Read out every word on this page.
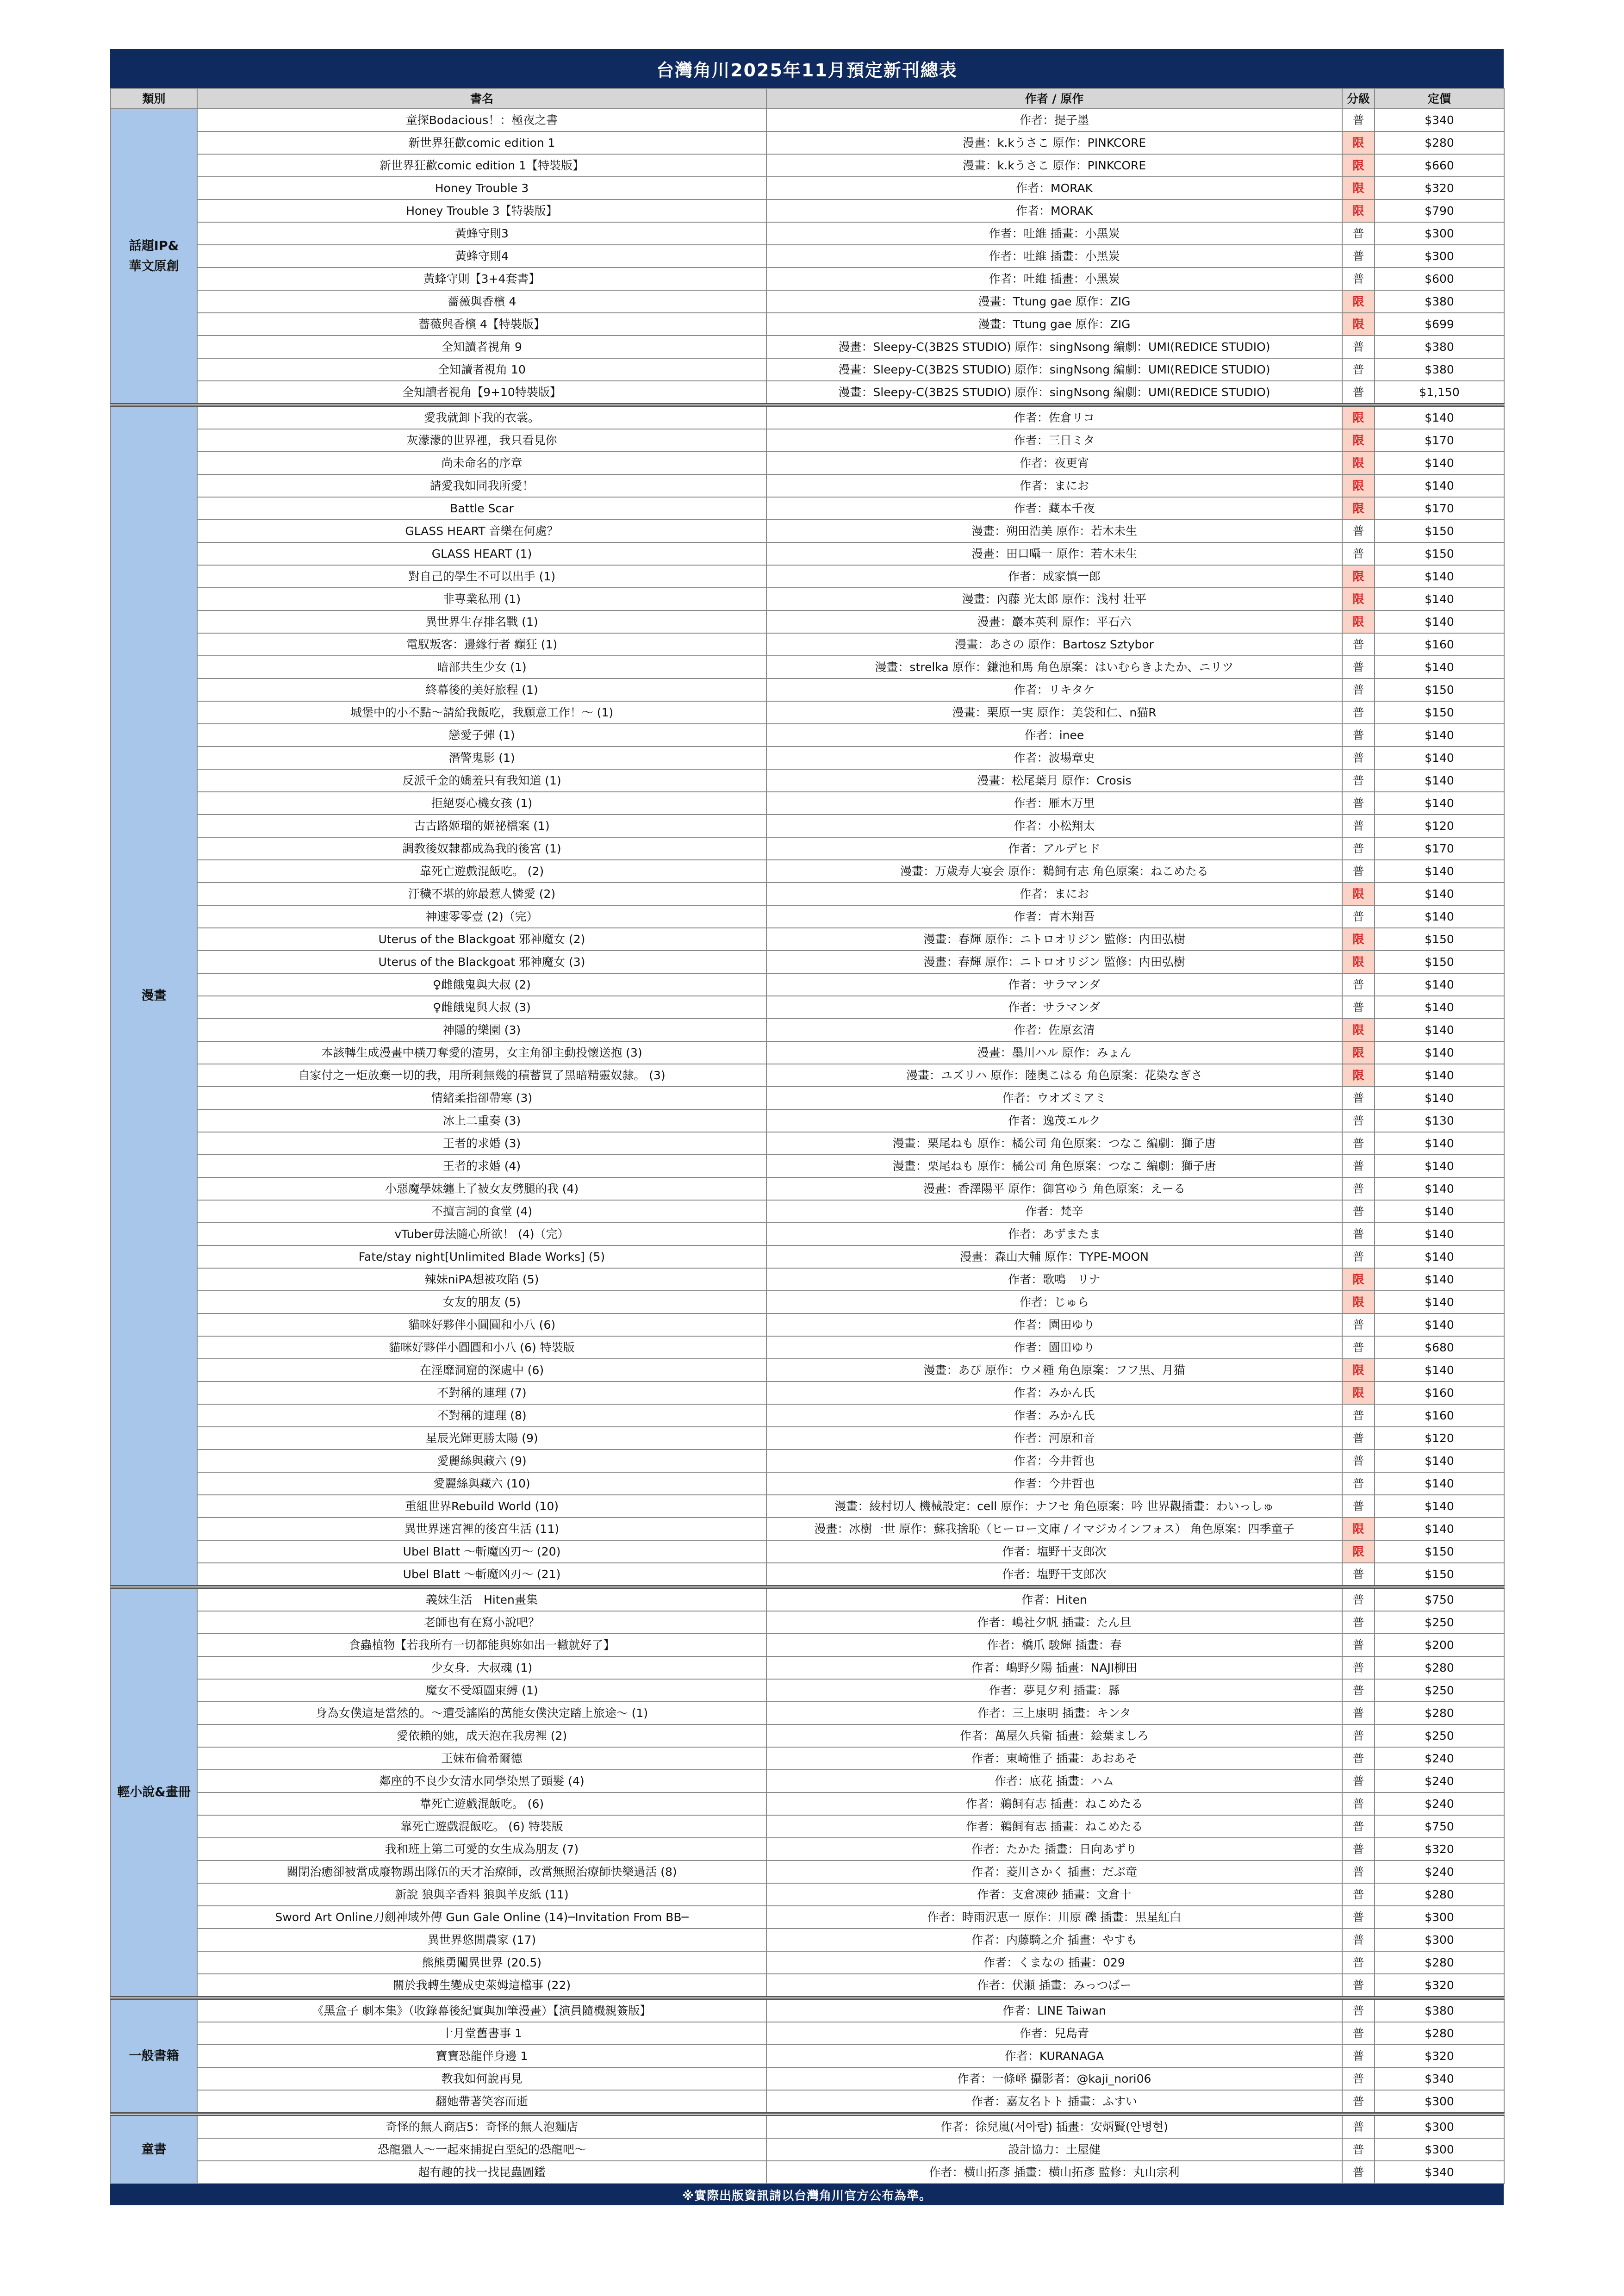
台灣角川2025年11月預定新刊總表
類別	書名	作者 / 原作	分級	定價
話題IP&
華文原創	童探Bodacious！：極夜之書	作者：提子墨	普	$340
	新世界狂歡comic edition 1	漫畫：k.kうさこ 原作：PINKCORE	限	$280
	新世界狂歡comic edition 1【特裝版】	漫畫：k.kうさこ 原作：PINKCORE	限	$660
	Honey Trouble 3	作者：MORAK	限	$320
	Honey Trouble 3【特裝版】	作者：MORAK	限	$790
	黃蜂守則3	作者：吐維 插畫：小黑炭	普	$300
	黃蜂守則4	作者：吐維 插畫：小黑炭	普	$300
	黃蜂守則【3+4套書】	作者：吐維 插畫：小黑炭	普	$600
	薔薇與香檳 4	漫畫：Ttung gae 原作：ZIG	限	$380
	薔薇與香檳 4【特裝版】	漫畫：Ttung gae 原作：ZIG	限	$699
	全知讀者視角 9	漫畫：Sleepy-C(3B2S STUDIO) 原作：singNsong 編劇：UMI(REDICE STUDIO)	普	$380
	全知讀者視角 10	漫畫：Sleepy-C(3B2S STUDIO) 原作：singNsong 編劇：UMI(REDICE STUDIO)	普	$380
	全知讀者視角【9+10特裝版】	漫畫：Sleepy-C(3B2S STUDIO) 原作：singNsong 編劇：UMI(REDICE STUDIO)	普	$1,150
漫畫	愛我就卸下我的衣裳。	作者：佐倉リコ	限	$140
	灰濛濛的世界裡，我只看見你	作者：三日ミタ	限	$170
	尚未命名的序章	作者：夜更宵	限	$140
	請愛我如同我所愛！	作者：まにお	限	$140
	Battle Scar	作者：藏本千夜	限	$170
	GLASS HEART 音樂在何處？	漫畫：朔田浩美 原作：若木未生	普	$150
	GLASS HEART (1)	漫畫：田口囁一 原作：若木未生	普	$150
	對自己的學生不可以出手 (1)	作者：成家慎一郎	限	$140
	非專業私刑 (1)	漫畫：內藤 光太郎 原作：浅村 壮平	限	$140
	異世界生存排名戰 (1)	漫畫：巖本英利 原作：平石六	限	$140
	電馭叛客：邊緣行者 癲狂 (1)	漫畫：あさの 原作：Bartosz Sztybor	普	$160
	暗部共生少女 (1)	漫畫：strelka 原作：鎌池和馬 角色原案：はいむらきよたか、ニリツ	普	$140
	終幕後的美好旅程 (1)	作者：リキタケ	普	$150
	城堡中的小不點～請給我飯吃，我願意工作！～ (1)	漫畫：栗原一実 原作：美袋和仁、n猫R	普	$150
	戀愛子彈 (1)	作者：inee	普	$140
	潛警鬼影 (1)	作者：波場章史	普	$140
	反派千金的嬌羞只有我知道 (1)	漫畫：松尾葉月 原作：Crosis	普	$140
	拒絕耍心機女孩 (1)	作者：雁木万里	普	$140
	古古路姬瑠的姬祕檔案 (1)	作者：小松翔太	普	$120
	調教後奴隸都成為我的後宮 (1)	作者：アルデヒド	普	$170
	靠死亡遊戲混飯吃。 (2)	漫畫：万歳寿大宴会 原作：鵜飼有志 角色原案：ねこめたる	普	$140
	汙穢不堪的妳最惹人憐愛 (2)	作者：まにお	限	$140
	神速零零壹 (2)（完）	作者：青木翔吾	普	$140
	Uterus of the Blackgoat 邪神魔女 (2)	漫畫：春輝 原作：ニトロオリジン 監修：内田弘樹	限	$150
	Uterus of the Blackgoat 邪神魔女 (3)	漫畫：春輝 原作：ニトロオリジン 監修：内田弘樹	限	$150
	♀雌餓鬼與大叔 (2)	作者：サラマンダ	普	$140
	♀雌餓鬼與大叔 (3)	作者：サラマンダ	普	$140
	神隱的樂園 (3)	作者：佐原玄清	限	$140
	本該轉生成漫畫中橫刀奪愛的渣男，女主角卻主動投懷送抱 (3)	漫畫：墨川ハル 原作：みょん	限	$140
	自家付之一炬放棄一切的我，用所剩無幾的積蓄買了黑暗精靈奴隸。 (3)	漫畫：ユズリハ 原作：陸奥こはる 角色原案：花染なぎさ	限	$140
	情緒柔指卻帶寒 (3)	作者：ウオズミアミ	普	$140
	冰上二重奏 (3)	作者：逸茂エルク	普	$130
	王者的求婚 (3)	漫畫：栗尾ねも 原作：橘公司 角色原案：つなこ 編劇：獅子唐	普	$140
	王者的求婚 (4)	漫畫：栗尾ねも 原作：橘公司 角色原案：つなこ 編劇：獅子唐	普	$140
	小惡魔學妹纏上了被女友劈腿的我 (4)	漫畫：香澤陽平 原作：御宮ゆう 角色原案：えーる	普	$140
	不擅言詞的食堂 (4)	作者：梵辛	普	$140
	vTuber毋法隨心所欲！ (4)（完）	作者：あずまたま	普	$140
	Fate/stay night[Unlimited Blade Works] (5)	漫畫：森山大輔 原作：TYPE-MOON	普	$140
	辣妹niPA想被攻陷 (5)	作者：歌鳴　リナ	限	$140
	女友的朋友 (5)	作者：じゅら	限	$140
	貓咪好夥伴小圓圓和小八 (6)	作者：園田ゆり	普	$140
	貓咪好夥伴小圓圓和小八 (6) 特裝版	作者：園田ゆり	普	$680
	在淫靡洞窟的深處中 (6)	漫畫：あぴ 原作：ウメ種 角色原案：フフ黒、月猫	限	$140
	不對稱的連理 (7)	作者：みかん氏	限	$160
	不對稱的連理 (8)	作者：みかん氏	普	$160
	星辰光輝更勝太陽 (9)	作者：河原和音	普	$120
	愛麗絲與藏六 (9)	作者：今井哲也	普	$140
	愛麗絲與藏六 (10)	作者：今井哲也	普	$140
	重組世界Rebuild World (10)	漫畫：綾村切人 機械設定：cell 原作：ナフセ 角色原案：吟 世界觀插畫：わいっしゅ	普	$140
	異世界迷宮裡的後宮生活 (11)	漫畫：冰樹一世 原作：蘇我捨恥（ヒーロー文庫 / イマジカインフォス） 角色原案：四季童子	限	$140
	Ubel Blatt ～斬魔凶刃～ (20)	作者：塩野干支郎次	限	$150
	Ubel Blatt ～斬魔凶刃～ (21)	作者：塩野干支郎次	普	$150
輕小說&畫冊	義妹生活　Hiten畫集	作者：Hiten	普	$750
	老師也有在寫小說吧？	作者：嶋社夕帆 插畫：たん旦	普	$250
	食蟲植物【若我所有一切都能與妳如出一轍就好了】	作者：橋爪 駿輝 插畫：春	普	$200
	少女身．大叔魂 (1)	作者：嶋野夕陽 插畫：NAJI柳田	普	$280
	魔女不受頌圖束縛 (1)	作者：夢見夕利 插畫：縣	普	$250
	身為女僕這是當然的。～遭受謠陷的萬能女僕決定踏上旅途～ (1)	作者：三上康明 插畫：キンタ	普	$280
	愛依賴的她，成天泡在我房裡 (2)	作者：萬屋久兵衛 插畫：絵葉ましろ	普	$250
	王妹布倫希爾德	作者：東崎惟子 插畫：あおあそ	普	$240
	鄰座的不良少女清水同學染黑了頭髮 (4)	作者：底花 插畫：ハム	普	$240
	靠死亡遊戲混飯吃。 (6)	作者：鵜飼有志 插畫：ねこめたる	普	$240
	靠死亡遊戲混飯吃。 (6) 特裝版	作者：鵜飼有志 插畫：ねこめたる	普	$750
	我和班上第二可愛的女生成為朋友 (7)	作者：たかた 插畫：日向あずり	普	$320
	關閉治癒卻被當成廢物踢出隊伍的天才治療師，改當無照治療師快樂過活 (8)	作者：菱川さかく 插畫：だぶ竜	普	$240
	新說 狼與辛香料 狼與羊皮紙 (11)	作者：支倉凍砂 插畫：文倉十	普	$280
	Sword Art Online刀劍神域外傳 Gun Gale Online (14)─Invitation From BB─	作者：時雨沢恵一 原作：川原 礫 插畫：黒星紅白	普	$300
	異世界悠閒農家 (17)	作者：内藤騎之介 插畫：やすも	普	$300
	熊熊勇闖異世界 (20.5)	作者：くまなの 插畫：029	普	$280
	關於我轉生變成史萊姆這檔事 (22)	作者：伏瀬 插畫：みっつばー	普	$320
一般書籍	《黑盒子 劇本集》（收錄幕後紀實與加筆漫畫）【演員隨機親簽版】	作者：LINE Taiwan	普	$380
	十月堂舊書事 1	作者：兒島青	普	$280
	寶寶恐龍伴身邊 1	作者：KURANAGA	普	$320
	教我如何說再見	作者：一條峄 攝影者：@kaji_nori06	普	$340
	翻她帶著笑容而逝	作者：嘉友名トト 插畫：ふすい	普	$300
童書	奇怪的無人商店5：奇怪的無人泡麵店	作者：徐兒嵐(서아람) 插畫：安炳賢(안병현)	普	$300
	恐龍獵人～一起來捕捉白堊紀的恐龍吧～	設計協力：土屋健	普	$300
	超有趣的找一找昆蟲圖鑑	作者：横山拓彥 插畫：横山拓彥 監修：丸山宗利	普	$340
※實際出版資訊請以台灣角川官方公布為準。
